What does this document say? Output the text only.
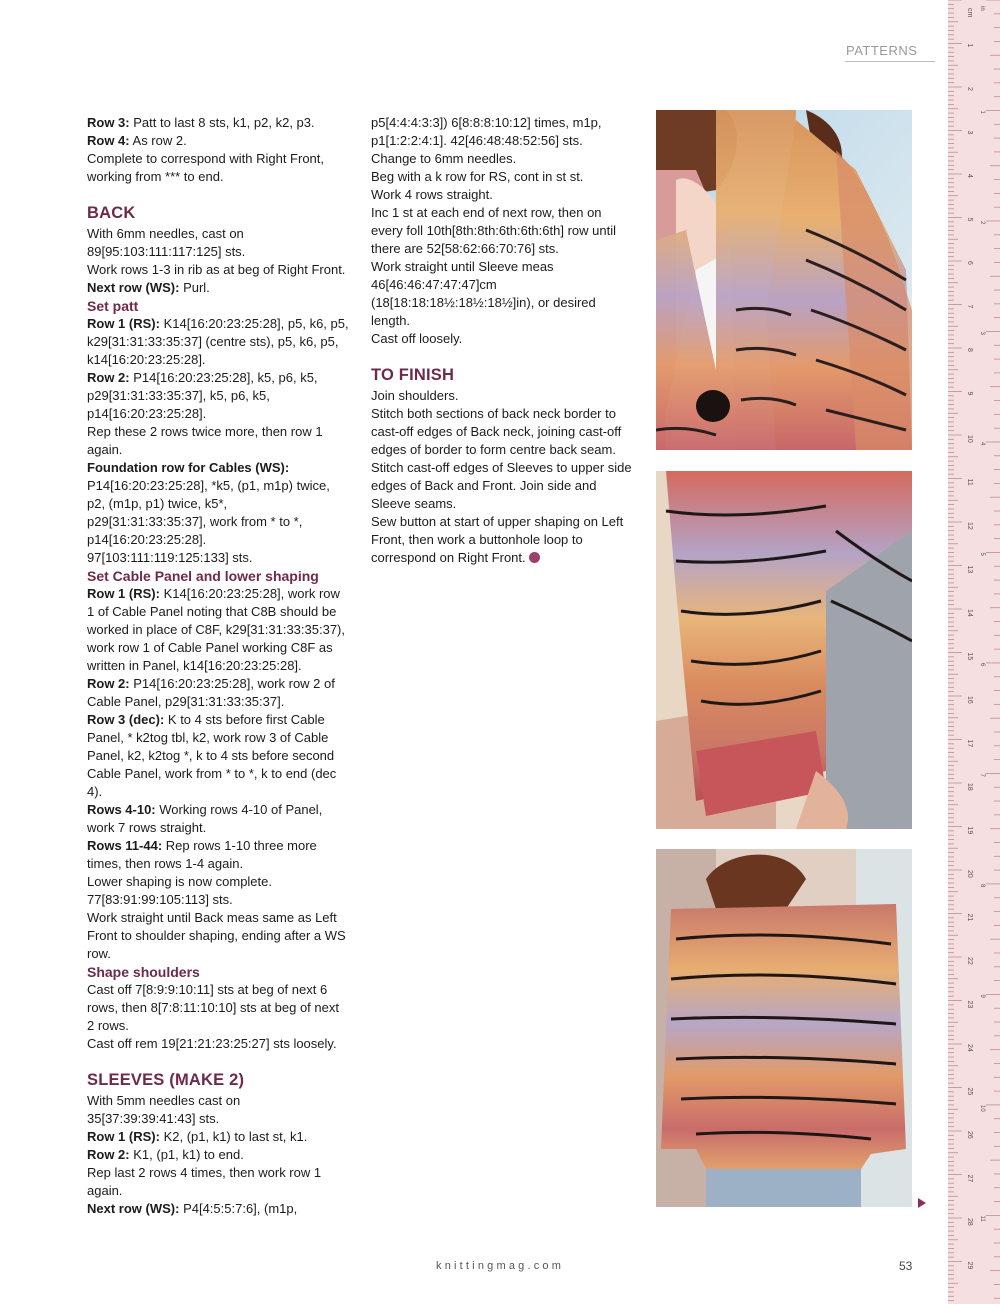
PATTERNS

Row 3: Patt to last 8 sts, k1, p2, k2, p3.

Row 4: As row 2.

Complete to correspond with Right Front, working from *** to end.

BACK

With 6mm needles, cast on 89[95:103:111:117:125] sts.

Work rows 1-3 in rib as at beg of Right Front.

Next row (WS): Purl.

Set patt

Row 1 (RS): K14[16:20:23:25:28], p5, k6, p5, k29[31:31:33:35:37] (centre sts), p5, k6, p5, k14[16:20:23:25:28].

Row 2: P14[16:20:23:25:28], k5, p6, k5, p29[31:31:33:35:37], k5, p6, k5, p14[16:20:23:25:28].

Rep these 2 rows twice more, then row 1 again.

Foundation row for Cables (WS): P14[16:20:23:25:28], *k5, (p1, m1p) twice, p2, (m1p, p1) twice, k5*, p29[31:31:33:35:37], work from * to *, p14[16:20:23:25:28]. 97[103:111:119:125:133] sts.

Set Cable Panel and lower shaping

Row 1 (RS): K14[16:20:23:25:28], work row 1 of Cable Panel noting that C8B should be worked in place of C8F, k29[31:31:33:35:37), work row 1 of Cable Panel working C8F as written in Panel, k14[16:20:23:25:28].

Row 2: P14[16:20:23:25:28], work row 2 of Cable Panel, p29[31:31:33:35:37].

Row 3 (dec): K to 4 sts before first Cable Panel, * k2tog tbl, k2, work row 3 of Cable Panel, k2, k2tog *, k to 4 sts before second Cable Panel, work from * to *, k to end (dec 4).

Rows 4-10: Working rows 4-10 of Panel, work 7 rows straight.

Rows 11-44: Rep rows 1-10 three more times, then rows 1-4 again.

Lower shaping is now complete. 77[83:91:99:105:113] sts.

Work straight until Back meas same as Left Front to shoulder shaping, ending after a WS row.

Shape shoulders

Cast off 7[8:9:9:10:11] sts at beg of next 6 rows, then 8[7:8:11:10:10] sts at beg of next 2 rows.

Cast off rem 19[21:21:23:25:27] sts loosely.

SLEEVES (MAKE 2)

With 5mm needles cast on 35[37:39:39:41:43] sts.

Row 1 (RS): K2, (p1, k1) to last st, k1.

Row 2: K1, (p1, k1) to end.

Rep last 2 rows 4 times, then work row 1 again.

Next row (WS): P4[4:5:5:7:6], (m1p,

p5[4:4:4:3:3]) 6[8:8:8:10:12] times, m1p, p1[1:2:2:4:1]. 42[46:48:48:52:56] sts.

Change to 6mm needles.

Beg with a k row for RS, cont in st st.

Work 4 rows straight.

Inc 1 st at each end of next row, then on every foll 10th[8th:8th:6th:6th:6th] row until there are 52[58:62:66:70:76] sts.

Work straight until Sleeve meas 46[46:46:47:47:47]cm (18[18:18:18½:18½:18½]in), or desired length.

Cast off loosely.

TO FINISH

Join shoulders.

Stitch both sections of back neck border to cast-off edges of Back neck, joining cast-off edges of border to form centre back seam. Stitch cast-off edges of Sleeves to upper side edges of Back and Front. Join side and Sleeve seams.

Sew button at start of upper shaping on Left Front, then work a buttonhole loop to correspond on Right Front.

knittingmag.com	53
cm
1
2
3
4
5
6
7
8
9
10
11
12
13
14
15
16
17
18
19
20
21
22
23
24
25
26
27
28
29
in
1
2
3
4
5
6
7
8
9
10
11
